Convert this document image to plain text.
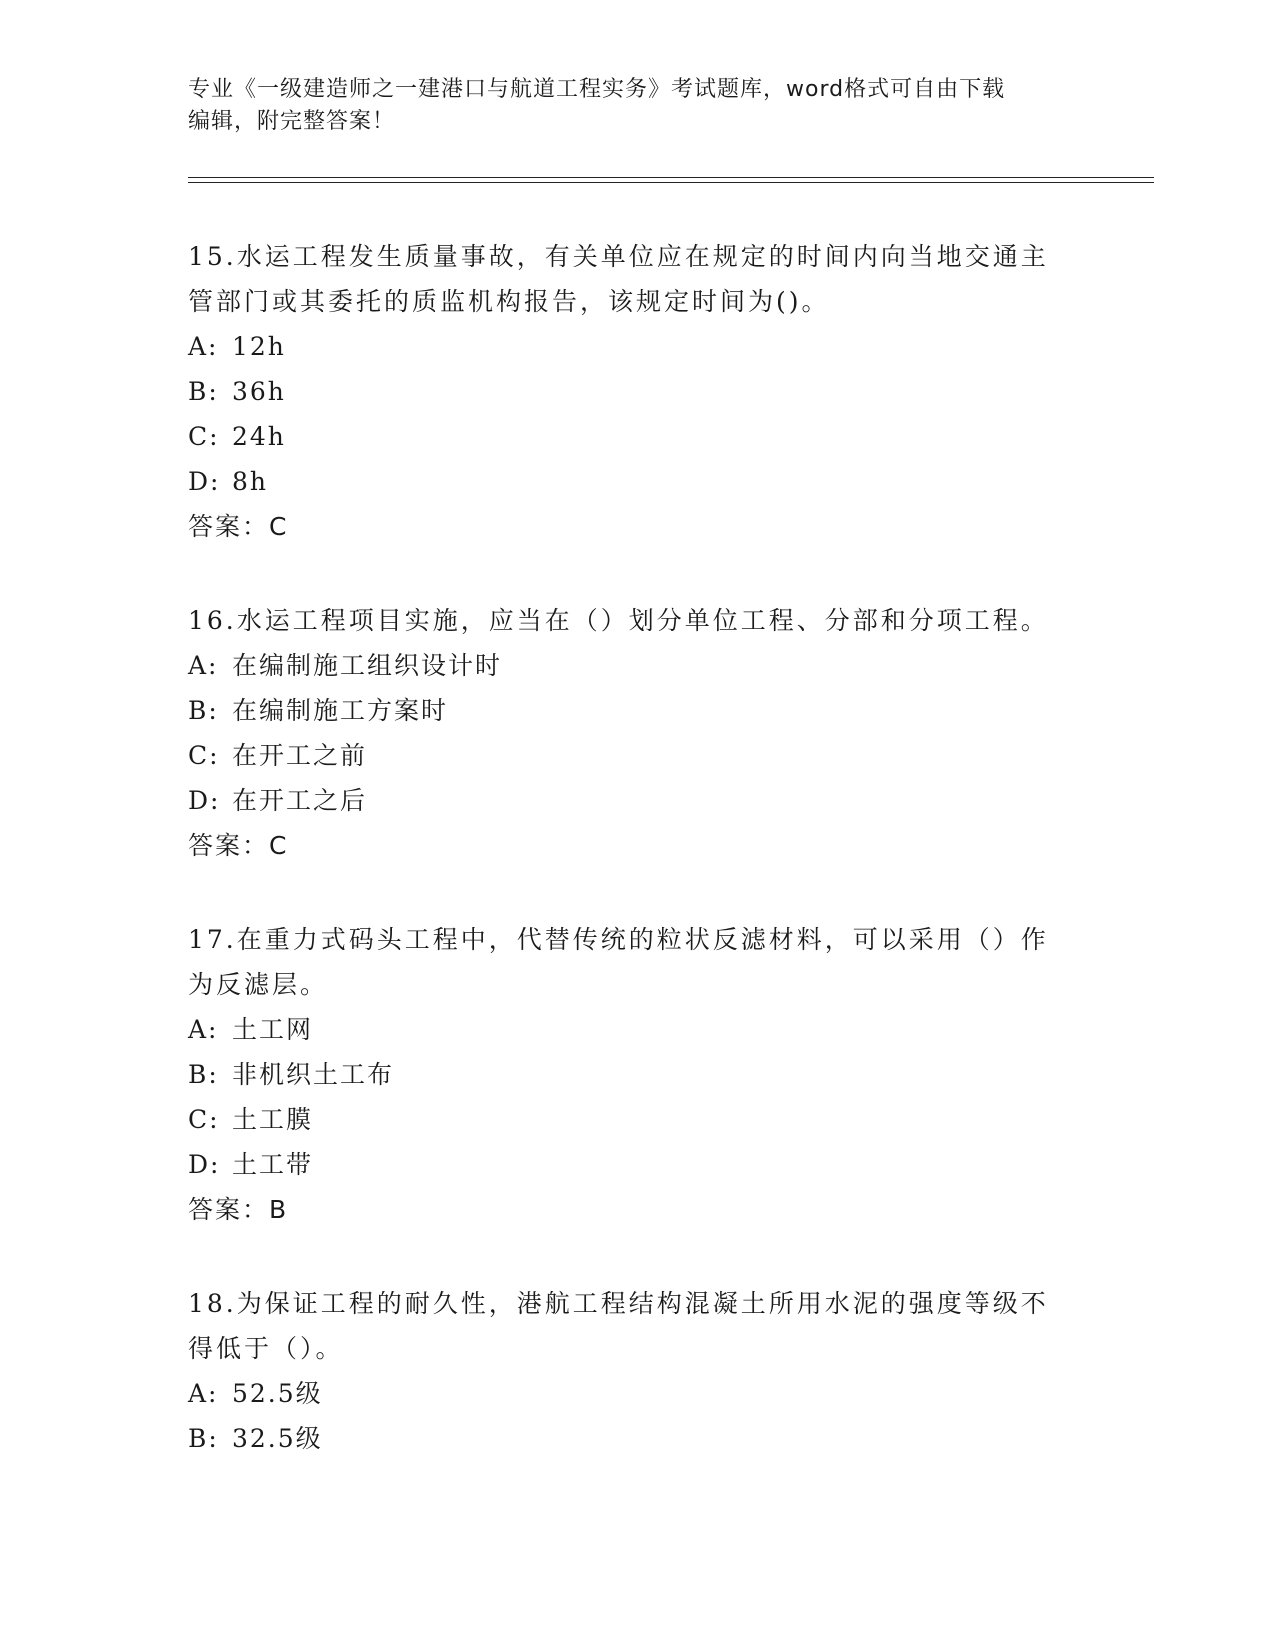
专业《一级建造师之一建港口与航道工程实务》考试题库，word格式可自由下载
编辑，附完整答案！

15.水运工程发生质量事故，有关单位应在规定的时间内向当地交通主

管部门或其委托的质监机构报告，该规定时间为()。

A: 12h

B: 36h

C: 24h

D: 8h

答案：C

16.水运工程项目实施，应当在（）划分单位工程、分部和分项工程。

A: 在编制施工组织设计时

B: 在编制施工方案时

C: 在开工之前

D: 在开工之后

答案：C

17.在重力式码头工程中，代替传统的粒状反滤材料，可以采用（）作

为反滤层。

A: 土工网

B: 非机织土工布

C: 土工膜

D: 土工带

答案：B

18.为保证工程的耐久性，港航工程结构混凝土所用水泥的强度等级不

得低于（）。

A: 52.5级

B: 32.5级
